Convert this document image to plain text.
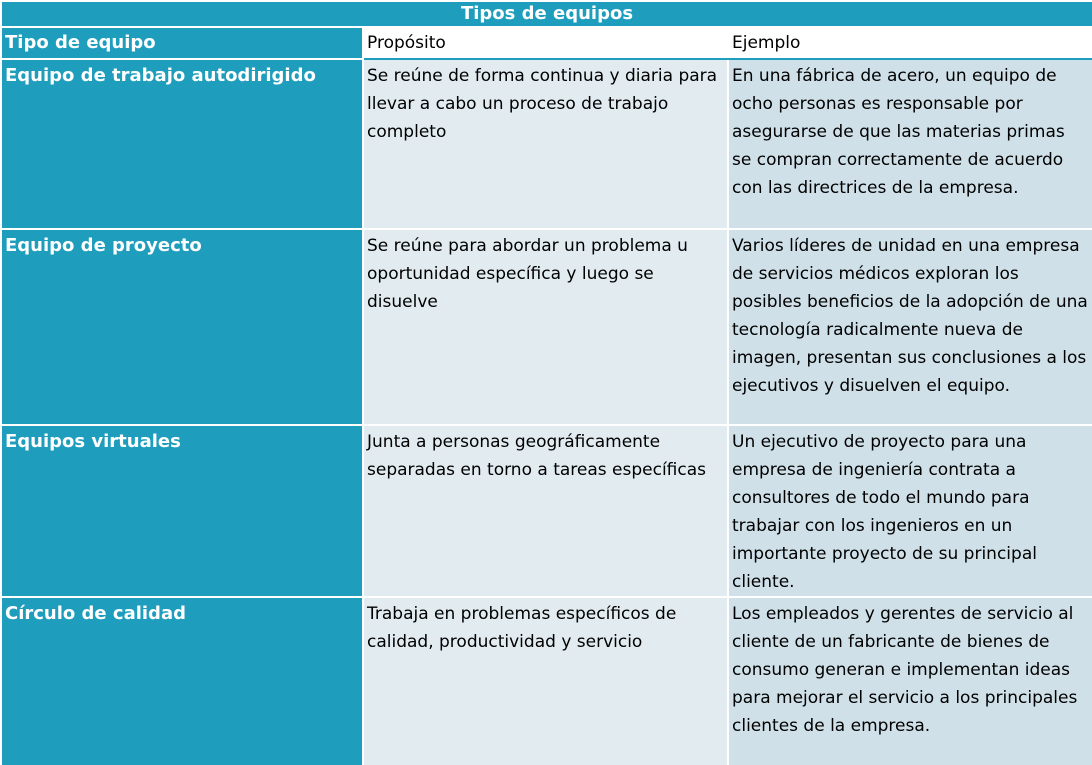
Tipos de equipos		
Tipo de equipo	Propósito	Ejemplo
Equipo de trabajo autodirigido	Se reúne de forma continua y diaria para llevar a cabo un proceso de trabajo completo	En una fábrica de acero, un equipo de ocho personas es responsable por asegurarse de que las materias primas se compran correctamente de acuerdo con las directrices de la empresa.
Equipo de proyecto	Se reúne para abordar un problema u oportunidad específica y luego se disuelve	Varios líderes de unidad en una empresa de servicios médicos exploran los posibles beneficios de la adopción de una tecnología radicalmente nueva de imagen, presentan sus conclusiones a los ejecutivos y disuelven el equipo.
Equipos virtuales	Junta a personas geográficamente separadas en torno a tareas específicas	Un ejecutivo de proyecto para una empresa de ingeniería contrata a consultores de todo el mundo para trabajar con los ingenieros en un importante proyecto de su principal cliente.
Círculo de calidad	Trabaja en problemas específicos de calidad, productividad y servicio	Los empleados y gerentes de servicio al cliente de un fabricante de bienes de consumo generan e implementan ideas para mejorar el servicio a los principales clientes de la empresa.
